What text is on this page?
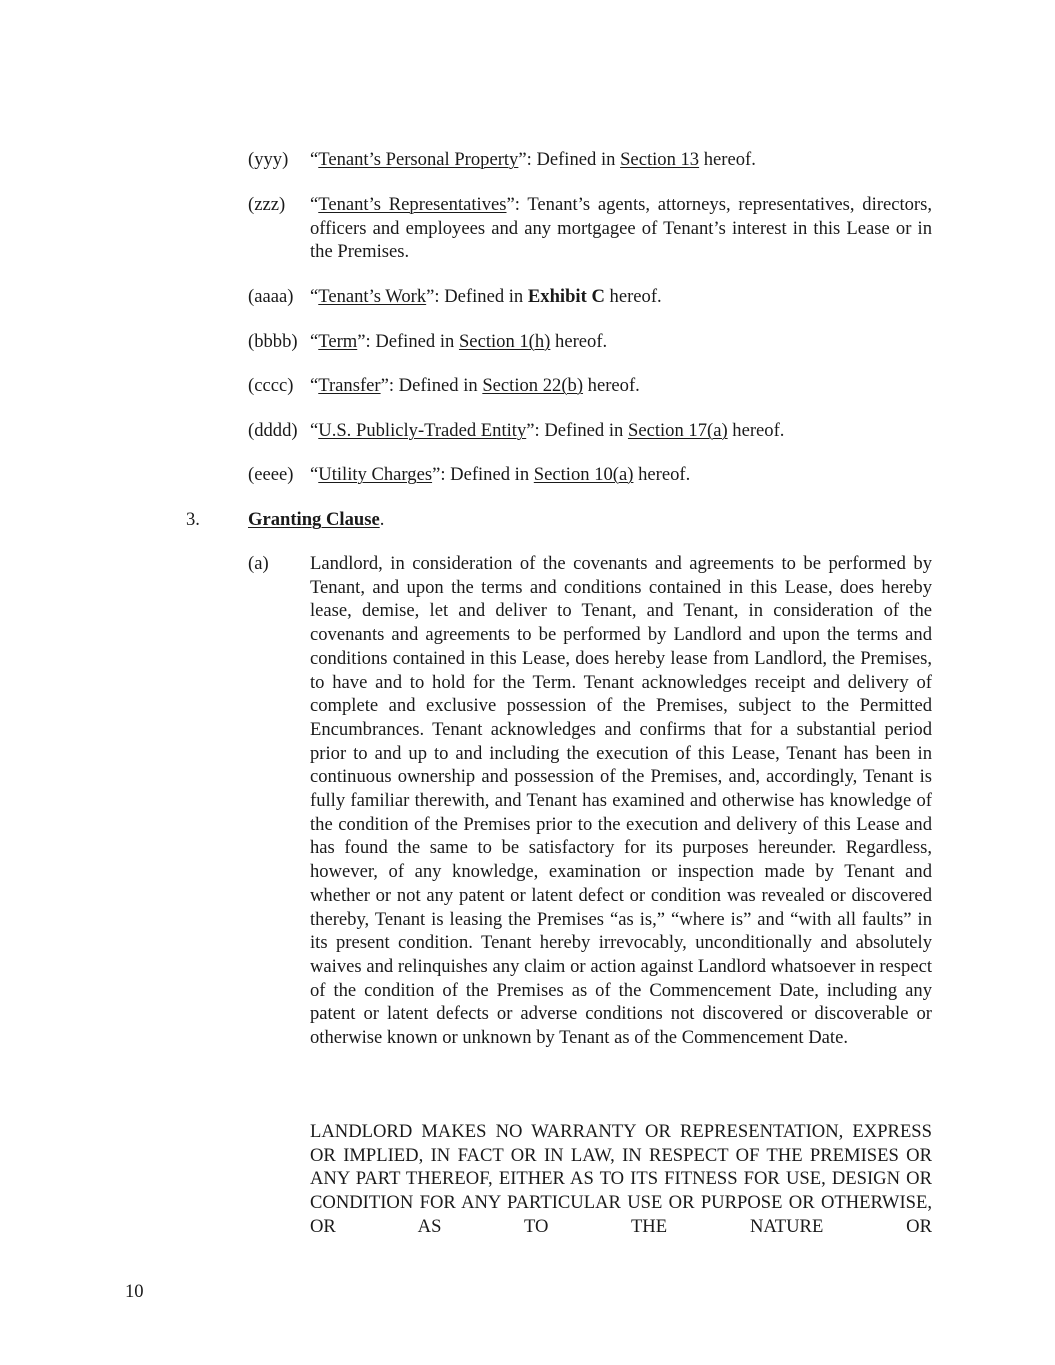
(yyy) “Tenant’s Personal Property”: Defined in Section 13 hereof.
(zzz) “Tenant’s Representatives”: Tenant’s agents, attorneys, representatives, directors, officers and employees and any mortgagee of Tenant’s interest in this Lease or in the Premises.
(aaaa) “Tenant’s Work”: Defined in Exhibit C hereof.
(bbbb) “Term”: Defined in Section 1(h) hereof.
(cccc) “Transfer”: Defined in Section 22(b) hereof.
(dddd) “U.S. Publicly-Traded Entity”: Defined in Section 17(a) hereof.
(eeee) “Utility Charges”: Defined in Section 10(a) hereof.
3.	Granting Clause.
(a) Landlord, in consideration of the covenants and agreements to be performed by Tenant, and upon the terms and conditions contained in this Lease, does hereby lease, demise, let and deliver to Tenant, and Tenant, in consideration of the covenants and agreements to be performed by Landlord and upon the terms and conditions contained in this Lease, does hereby lease from Landlord, the Premises, to have and to hold for the Term. Tenant acknowledges receipt and delivery of complete and exclusive possession of the Premises, subject to the Permitted Encumbrances. Tenant acknowledges and confirms that for a substantial period prior to and up to and including the execution of this Lease, Tenant has been in continuous ownership and possession of the Premises, and, accordingly, Tenant is fully familiar therewith, and Tenant has examined and otherwise has knowledge of the condition of the Premises prior to the execution and delivery of this Lease and has found the same to be satisfactory for its purposes hereunder. Regardless, however, of any knowledge, examination or inspection made by Tenant and whether or not any patent or latent defect or condition was revealed or discovered thereby, Tenant is leasing the Premises “as is,” “where is” and “with all faults” in its present condition. Tenant hereby irrevocably, unconditionally and absolutely waives and relinquishes any claim or action against Landlord whatsoever in respect of the condition of the Premises as of the Commencement Date, including any patent or latent defects or adverse conditions not discovered or discoverable or otherwise known or unknown by Tenant as of the Commencement Date.
LANDLORD MAKES NO WARRANTY OR REPRESENTATION, EXPRESS OR IMPLIED, IN FACT OR IN LAW, IN RESPECT OF THE PREMISES OR ANY PART THEREOF, EITHER AS TO ITS FITNESS FOR USE, DESIGN OR CONDITION FOR ANY PARTICULAR USE OR PURPOSE OR OTHERWISE, OR AS TO THE NATURE OR
10
